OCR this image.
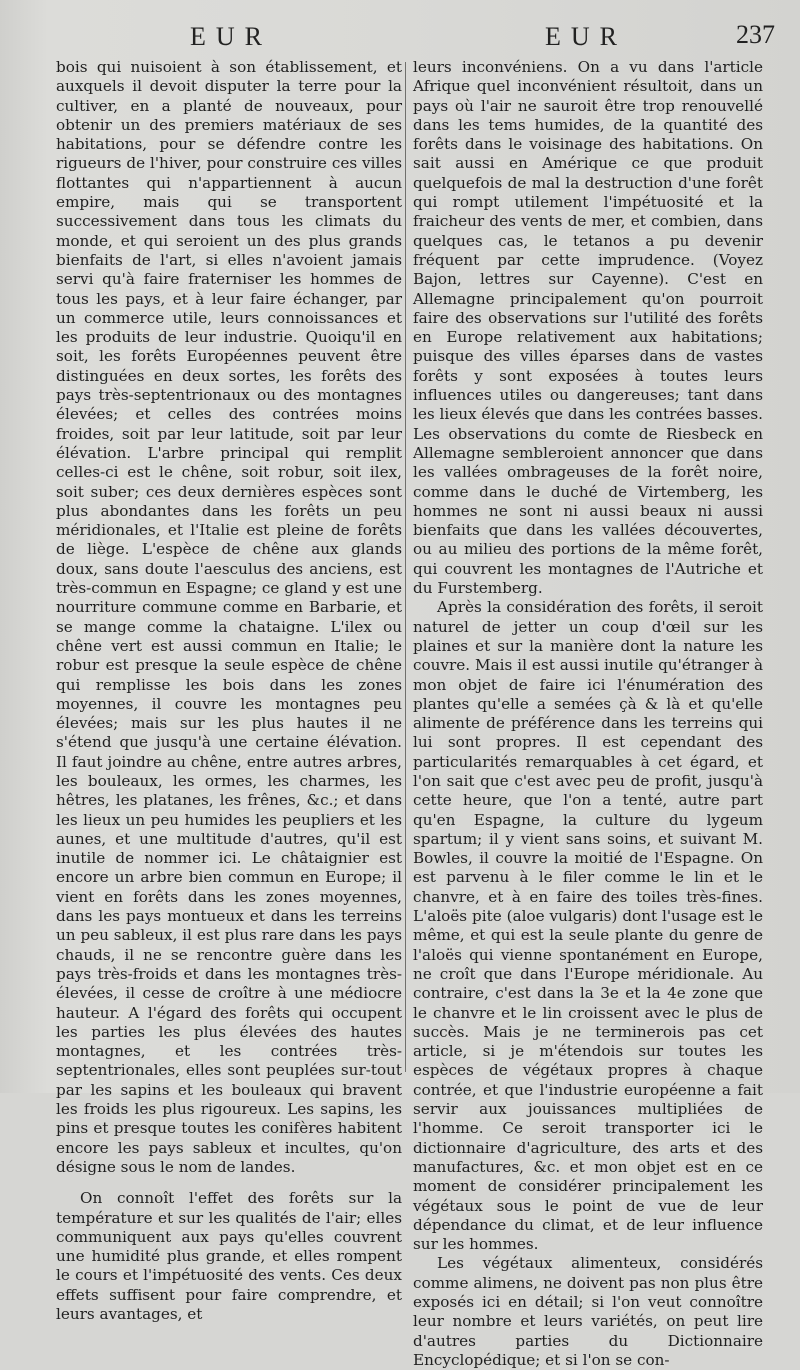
EUR	EUR	237

bois qui nuisoient à son établissement, et auxquels il devoit disputer la terre pour la cultiver, en a planté de nouveaux, pour obtenir un des premiers matériaux de ses habitations, pour se défendre contre les rigueurs de l'hiver, pour construire ces villes flottantes qui n'appartiennent à aucun empire, mais qui se transportent successivement dans tous les climats du monde, et qui seroient un des plus grands bienfaits de l'art, si elles n'avoient jamais servi qu'à faire fraterniser les hommes de tous les pays, et à leur faire échanger, par un commerce utile, leurs connoissances et les produits de leur industrie. Quoiqu'il en soit, les forêts Européennes peuvent être distinguées en deux sortes, les forêts des pays très-septentrionaux ou des montagnes élevées; et celles des contrées moins froides, soit par leur latitude, soit par leur élévation. L'arbre principal qui remplit celles-ci est le chêne, soit robur, soit ilex, soit suber; ces deux dernières espèces sont plus abondantes dans les forêts un peu méridionales, et l'Italie est pleine de forêts de liège. L'espèce de chêne aux glands doux, sans doute l'aesculus des anciens, est très-commun en Espagne; ce gland y est une nourriture commune comme en Barbarie, et se mange comme la chataigne. L'ilex ou chêne vert est aussi commun en Italie; le robur est presque la seule espèce de chêne qui remplisse les bois dans les zones moyennes, il couvre les montagnes peu élevées; mais sur les plus hautes il ne s'étend que jusqu'à une certaine élévation. Il faut joindre au chêne, entre autres arbres, les bouleaux, les ormes, les charmes, les hêtres, les platanes, les frênes, &c.; et dans les lieux un peu humides les peupliers et les aunes, et une multitude d'autres, qu'il est inutile de nommer ici. Le châtaignier est encore un arbre bien commun en Europe; il vient en forêts dans les zones moyennes, dans les pays montueux et dans les terreins un peu sableux, il est plus rare dans les pays chauds, il ne se rencontre guère dans les pays très-froids et dans les montagnes très-élevées, il cesse de croître à une médiocre hauteur. A l'égard des forêts qui occupent les parties les plus élevées des hautes montagnes, et les contrées très-septentrionales, elles sont peuplées sur-tout par les sapins et les bouleaux qui bravent les froids les plus rigoureux. Les sapins, les pins et presque toutes les conifères habitent encore les pays sableux et incultes, qu'on désigne sous le nom de landes.

On connoît l'effet des forêts sur la température et sur les qualités de l'air; elles communiquent aux pays qu'elles couvrent une humidité plus grande, et elles rompent le cours et l'impétuosité des vents. Ces deux effets suffisent pour faire comprendre, et leurs avantages, et

leurs inconvéniens. On a vu dans l'article Afrique quel inconvénient résultoit, dans un pays où l'air ne sauroit être trop renouvellé dans les tems humides, de la quantité des forêts dans le voisinage des habitations. On sait aussi en Amérique ce que produit quelquefois de mal la destruction d'une forêt qui rompt utilement l'impétuosité et la fraicheur des vents de mer, et combien, dans quelques cas, le tetanos a pu devenir fréquent par cette imprudence. (Voyez Bajon, lettres sur Cayenne). C'est en Allemagne principalement qu'on pourroit faire des observations sur l'utilité des forêts en Europe relativement aux habitations; puisque des villes éparses dans de vastes forêts y sont exposées à toutes leurs influences utiles ou dangereuses; tant dans les lieux élevés que dans les contrées basses. Les observations du comte de Riesbeck en Allemagne sembleroient annoncer que dans les vallées ombrageuses de la forêt noire, comme dans le duché de Virtemberg, les hommes ne sont ni aussi beaux ni aussi bienfaits que dans les vallées découvertes, ou au milieu des portions de la même forêt, qui couvrent les montagnes de l'Autriche et du Furstemberg.

Après la considération des forêts, il seroit naturel de jetter un coup d'œil sur les plaines et sur la manière dont la nature les couvre. Mais il est aussi inutile qu'étranger à mon objet de faire ici l'énumération des plantes qu'elle a semées çà & là et qu'elle alimente de préférence dans les terreins qui lui sont propres. Il est cependant des particularités remarquables à cet égard, et l'on sait que c'est avec peu de profit, jusqu'à cette heure, que l'on a tenté, autre part qu'en Espagne, la culture du lygeum spartum; il y vient sans soins, et suivant M. Bowles, il couvre la moitié de l'Espagne. On est parvenu à le filer comme le lin et le chanvre, et à en faire des toiles très-fines. L'aloës pite (aloe vulgaris) dont l'usage est le même, et qui est la seule plante du genre de l'aloës qui vienne spontanément en Europe, ne croît que dans l'Europe méridionale. Au contraire, c'est dans la 3e et la 4e zone que le chanvre et le lin croissent avec le plus de succès. Mais je ne terminerois pas cet article, si je m'étendois sur toutes les espèces de végétaux propres à chaque contrée, et que l'industrie européenne a fait servir aux jouissances multipliées de l'homme. Ce seroit transporter ici le dictionnaire d'agriculture, des arts et des manufactures, &c. et mon objet est en ce moment de considérer principalement les végétaux sous le point de vue de leur dépendance du climat, et de leur influence sur les hommes.

Les végétaux alimenteux, considérés comme alimens, ne doivent pas non plus être exposés ici en détail; si l'on veut connoître leur nombre et leurs variétés, on peut lire d'autres parties du Dictionnaire Encyclopédique; et si l'on se con-
